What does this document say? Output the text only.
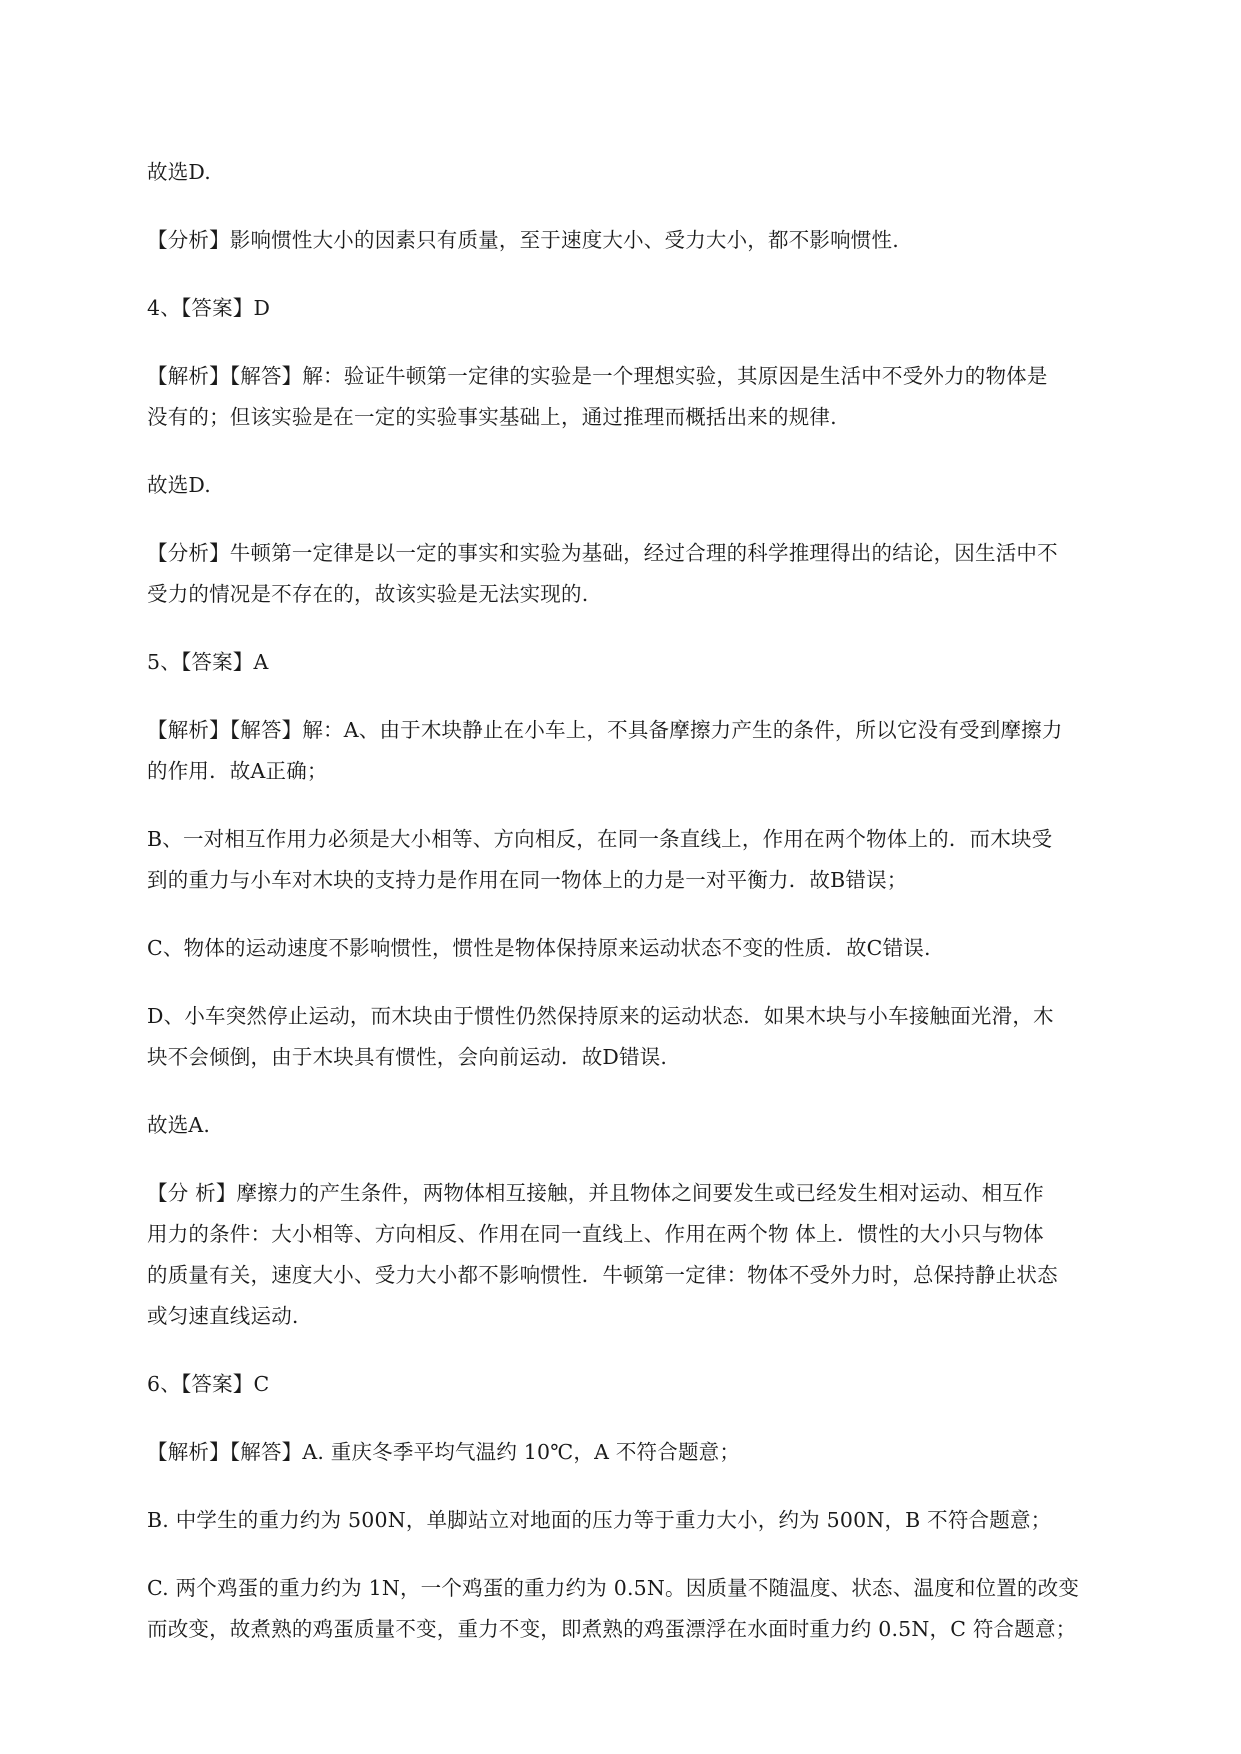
故选D.

【分析】影响惯性大小的因素只有质量，至于速度大小、受力大小，都不影响惯性.

4、【答案】D

【解析】【解答】解：验证牛顿第一定律的实验是一个理想实验，其原因是生活中不受外力的物体是
没有的；但该实验是在一定的实验事实基础上，通过推理而概括出来的规律.

故选D.

【分析】牛顿第一定律是以一定的事实和实验为基础，经过合理的科学推理得出的结论，因生活中不
受力的情况是不存在的，故该实验是无法实现的.

5、【答案】A

【解析】【解答】解：A、由于木块静止在小车上，不具备摩擦力产生的条件，所以它没有受到摩擦力
的作用．故A正确；

B、一对相互作用力必须是大小相等、方向相反，在同一条直线上，作用在两个物体上的．而木块受
到的重力与小车对木块的支持力是作用在同一物体上的力是一对平衡力．故B错误；

C、物体的运动速度不影响惯性，惯性是物体保持原来运动状态不变的性质．故C错误.

D、小车突然停止运动，而木块由于惯性仍然保持原来的运动状态．如果木块与小车接触面光滑，木
块不会倾倒，由于木块具有惯性，会向前运动．故D错误.

故选A.

【分 析】摩擦力的产生条件，两物体相互接触，并且物体之间要发生或已经发生相对运动、相互作
用力的条件：大小相等、方向相反、作用在同一直线上、作用在两个物 体上．惯性的大小只与物体
的质量有关，速度大小、受力大小都不影响惯性．牛顿第一定律：物体不受外力时，总保持静止状态
或匀速直线运动.

6、【答案】C

【解析】【解答】A. 重庆冬季平均气温约 10℃，A 不符合题意；

B. 中学生的重力约为 500N，单脚站立对地面的压力等于重力大小，约为 500N，B 不符合题意；

C. 两个鸡蛋的重力约为 1N，一个鸡蛋的重力约为 0.5N。因质量不随温度、状态、温度和位置的改变
而改变，故煮熟的鸡蛋质量不变，重力不变，即煮熟的鸡蛋漂浮在水面时重力约 0.5N，C 符合题意；
